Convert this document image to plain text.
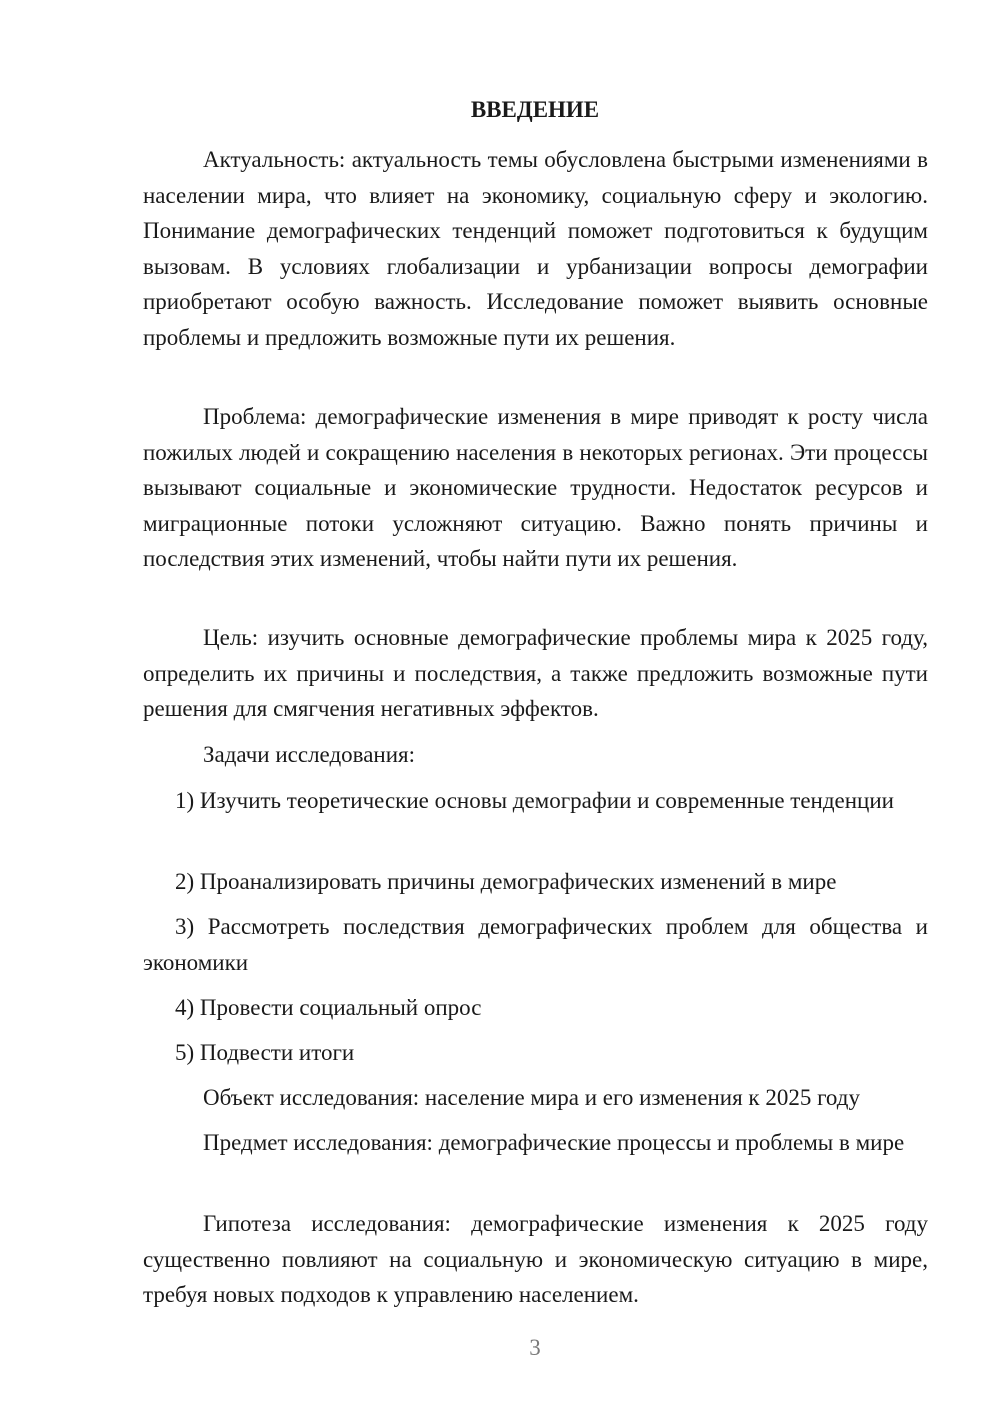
ВВЕДЕНИЕ

Актуальность: актуальность темы обусловлена быстрыми изменениями в населении мира, что влияет на экономику, социальную сферу и экологию. Понимание демографических тенденций поможет подготовиться к будущим вызовам. В условиях глобализации и урбанизации вопросы демографии приобретают особую важность. Исследование поможет выявить основные проблемы и предложить возможные пути их решения.

Проблема: демографические изменения в мире приводят к росту числа пожилых людей и сокращению населения в некоторых регионах. Эти процессы вызывают социальные и экономические трудности. Недостаток ресурсов и миграционные потоки усложняют ситуацию. Важно понять причины и последствия этих изменений, чтобы найти пути их решения.

Цель: изучить основные демографические проблемы мира к 2025 году, определить их причины и последствия, а также предложить возможные пути решения для смягчения негативных эффектов.

Задачи исследования:

1) Изучить теоретические основы демографии и современные тенденции

2) Проанализировать причины демографических изменений в мире

3) Рассмотреть последствия демографических проблем для общества и экономики

4) Провести социальный опрос

5) Подвести итоги

Объект исследования: население мира и его изменения к 2025 году

Предмет исследования: демографические процессы и проблемы в мире

Гипотеза исследования: демографические изменения к 2025 году существенно повлияют на социальную и экономическую ситуацию в мире, требуя новых подходов к управлению населением.

3
